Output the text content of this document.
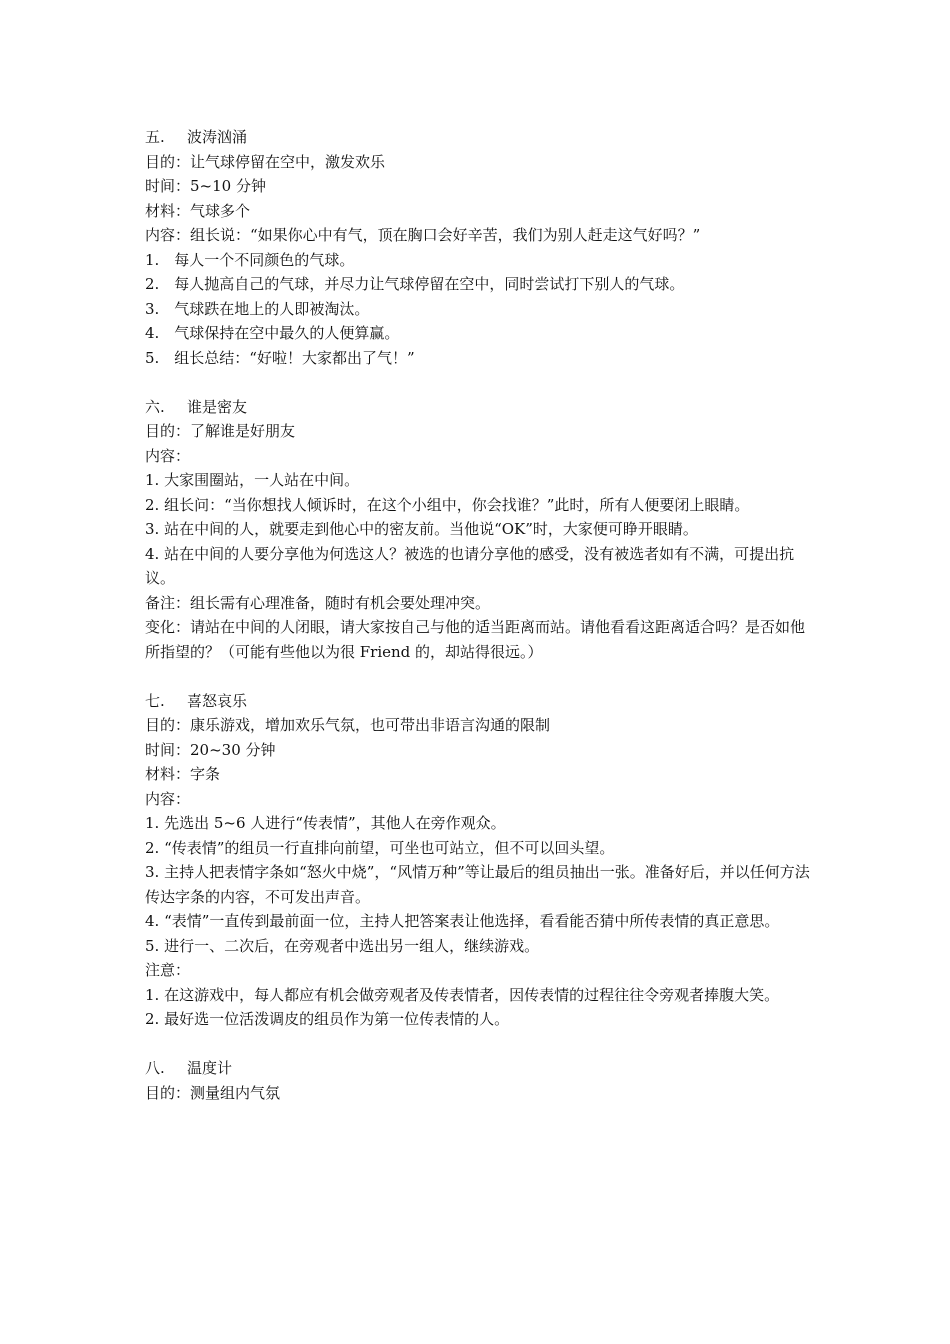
五. 波涛汹涌
目的：让气球停留在空中，激发欢乐
时间：5~10 分钟
材料：气球多个
内容：组长说：“如果你心中有气，顶在胸口会好辛苦，我们为别人赶走这气好吗？”
1.　每人一个不同颜色的气球。
2.　每人抛高自己的气球，并尽力让气球停留在空中，同时尝试打下别人的气球。
3.　气球跌在地上的人即被淘汰。
4.　气球保持在空中最久的人便算赢。
5.　组长总结：“好啦！大家都出了气！”
六. 谁是密友
目的：了解谁是好朋友
内容：
1. 大家围圈站，一人站在中间。
2. 组长问：“当你想找人倾诉时，在这个小组中，你会找谁？”此时，所有人便要闭上眼睛。
3. 站在中间的人，就要走到他心中的密友前。当他说“OK”时，大家便可睁开眼睛。
4. 站在中间的人要分享他为何选这人？被选的也请分享他的感受，没有被选者如有不满，可提出抗议。
备注：组长需有心理准备，随时有机会要处理冲突。
变化：请站在中间的人闭眼，请大家按自己与他的适当距离而站。请他看看这距离适合吗？是否如他所指望的？（可能有些他以为很 Friend 的，却站得很远。）
七. 喜怒哀乐
目的：康乐游戏，增加欢乐气氛，也可带出非语言沟通的限制
时间：20~30 分钟
材料：字条
内容：
1. 先选出 5~6 人进行“传表情”，其他人在旁作观众。
2. “传表情”的组员一行直排向前望，可坐也可站立，但不可以回头望。
3. 主持人把表情字条如“怒火中烧”，“风情万种”等让最后的组员抽出一张。准备好后，并以任何方法传达字条的内容，不可发出声音。
4. “表情”一直传到最前面一位，主持人把答案表让他选择，看看能否猜中所传表情的真正意思。
5. 进行一、二次后，在旁观者中选出另一组人，继续游戏。
注意：
1. 在这游戏中，每人都应有机会做旁观者及传表情者，因传表情的过程往往令旁观者捧腹大笑。
2. 最好选一位活泼调皮的组员作为第一位传表情的人。
八. 温度计
目的：测量组内气氛
